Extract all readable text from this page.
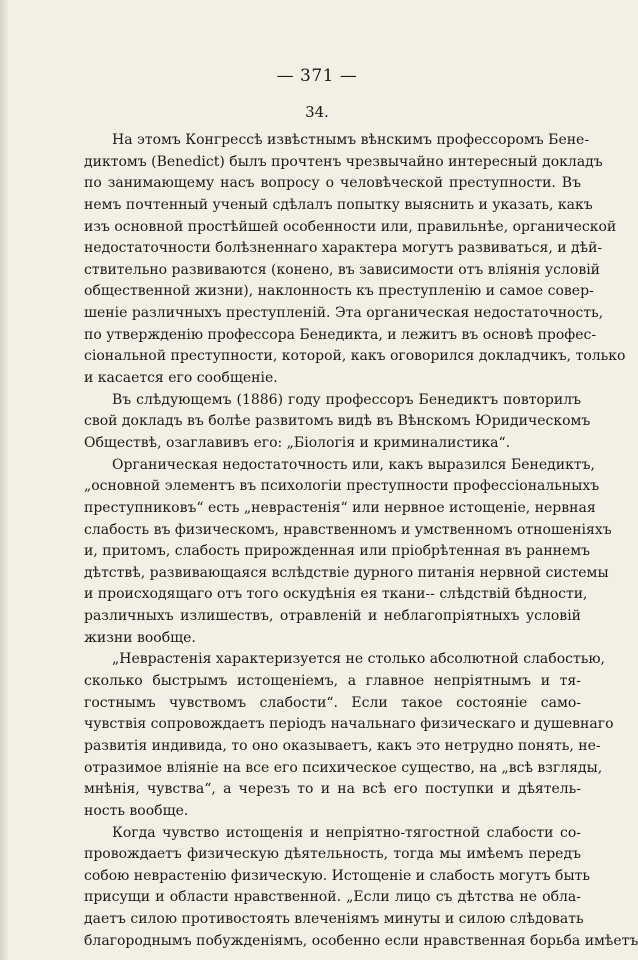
— 371 —
34.
На этомъ Конгрессѣ извѣстнымъ вѣнскимъ профессоромъ Бене-
диктомъ (Benedict) былъ прочтенъ чрезвычайно интересный докладъ
по занимающему насъ вопросу о человѣческой преступности. Въ
немъ почтенный ученый сдѣлалъ попытку выяснить и указать, какъ
изъ основной простѣйшей особенности или, правильнѣе, органической
недостаточности болѣзненнаго характера могутъ развиваться, и дѣй-
ствительно развиваются (конено, въ зависимости отъ вліянія условій
общественной жизни), наклонность къ преступленію и самое совер-
шеніе различныхъ преступленій. Эта органическая недостаточность,
по утвержденію профессора Бенедикта, и лежитъ въ основѣ профес-
сіональной преступности, которой, какъ оговорился докладчикъ, только
и касается его сообщеніе.
Въ слѣдующемъ (1886) году профессоръ Бенедиктъ повторилъ
свой докладъ въ болѣе развитомъ видѣ въ Вѣнскомъ Юридическомъ
Обществѣ, озаглавивъ его: „Біологія и криминалистика“.
Органическая недостаточность или, какъ выразился Бенедиктъ,
„основной элементъ въ психологіи преступности профессіональныхъ
преступниковъ“ есть „неврастенія“ или нервное истощеніе, нервная
слабость въ физическомъ, нравственномъ и умственномъ отношеніяхъ
и, притомъ, слабость прирожденная или пріобрѣтенная въ раннемъ
дѣтствѣ, развивающаяся вслѣдствіе дурного питанія нервной системы
и происходящаго отъ того оскудѣнія ея ткани-- слѣдствій бѣдности,
различныхъ излишествъ, отравленій и неблагопріятныхъ условій
жизни вообще.
„Неврастенія характеризуется не столько абсолютной слабостью,
сколько быстрымъ истощеніемъ, а главное непріятнымъ и тя-
гостнымъ чувствомъ слабости“. Если такое состояніе само-
чувствія сопровождаетъ періодъ начальнаго физическаго и душевнаго
развитія индивида, то оно оказываетъ, какъ это нетрудно понять, не-
отразимое вліяніе на все его психическое существо, на „всѣ взгляды,
мнѣнія, чувства“, а черезъ то и на всѣ его поступки и дѣятель-
ность вообще.
Когда чувство истощенія и непріятно-тягостной слабости со-
провождаетъ физическую дѣятельность, тогда мы имѣемъ передъ
собою неврастенію физическую. Истощеніе и слабость могутъ быть
присущи и области нравственной. „Если лицо съ дѣтства не обла-
даетъ силою противостоять влеченіямъ минуты и силою слѣдовать
благороднымъ побужденіямъ, особенно если нравственная борьба имѣетъ
